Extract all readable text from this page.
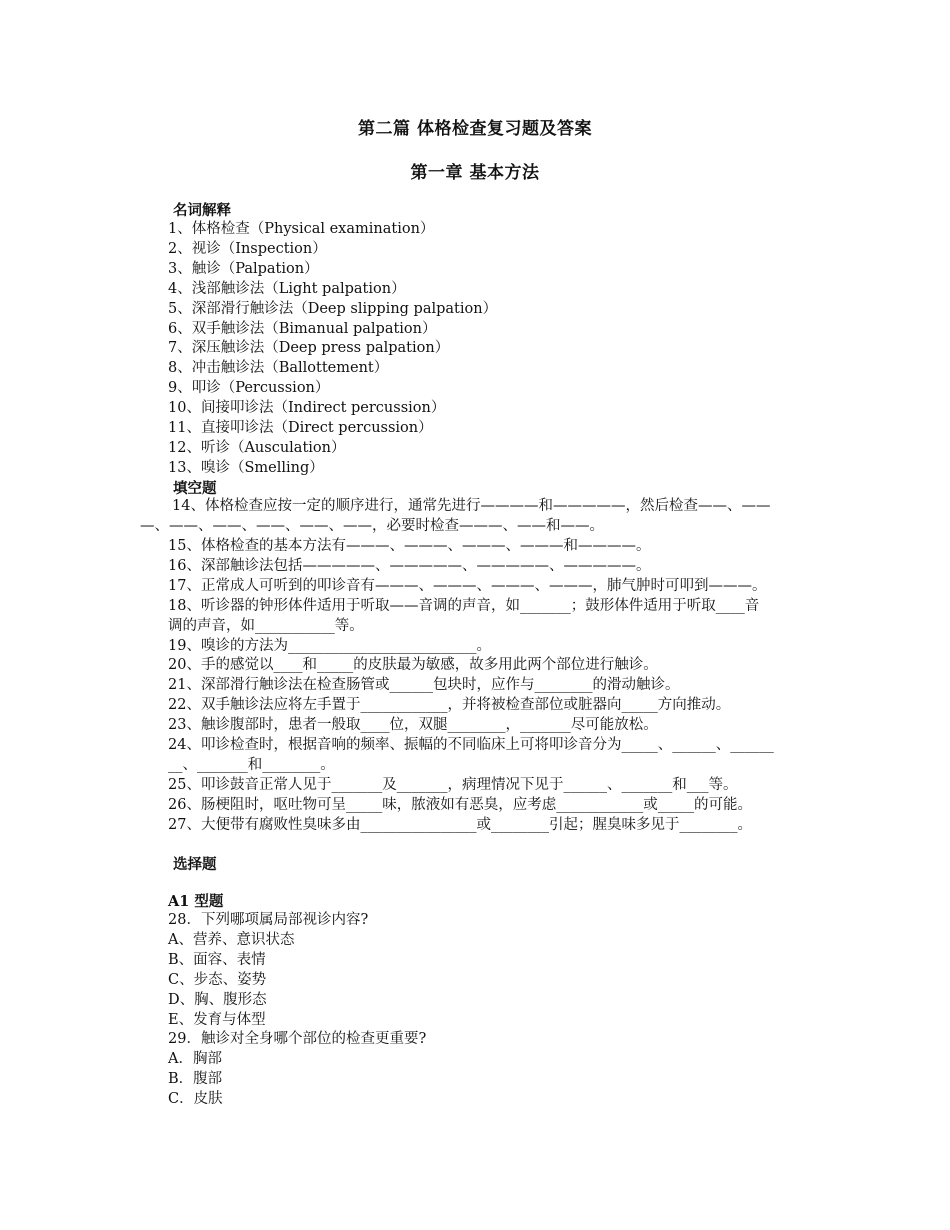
第二篇 体格检查复习题及答案
第一章 基本方法
名词解释
1、体格检查（Physical examination）
2、视诊（Inspection）
3、触诊（Palpation）
4、浅部触诊法（Light palpation）
5、深部滑行触诊法（Deep slipping palpation）
6、双手触诊法（Bimanual palpation）
7、深压触诊法（Deep press palpation）
8、冲击触诊法（Ballottement）
9、叩诊（Percussion）
10、间接叩诊法（Indirect percussion）
11、直接叩诊法（Direct percussion）
12、听诊（Ausculation）
13、嗅诊（Smelling）
填空题
14、体格检查应按一定的顺序进行，通常先进行————和—————，然后检查——、——
—、——、——、——、——、——，必要时检查———、——和——。
15、体格检查的基本方法有———、———、———、———和————。
16、深部触诊法包括—————、—————、—————、—————。
17、正常成人可听到的叩诊音有———、———、———、———，肺气肿时可叩到———。
18、听诊器的钟形体件适用于听取——音调的声音，如_______；鼓形体件适用于听取____音
调的声音，如___________等。
19、嗅诊的方法为__________________________。
20、手的感觉以____和_____的皮肤最为敏感，故多用此两个部位进行触诊。
21、深部滑行触诊法在检查肠管或______包块时，应作与________的滑动触诊。
22、双手触诊法应将左手置于____________，并将被检查部位或脏器向_____方向推动。
23、触诊腹部时，患者一般取____位，双腿________，_______尽可能放松。
24、叩诊检查时，根据音响的频率、振幅的不同临床上可将叩诊音分为_____、______、______
__、_______和________。
25、叩诊鼓音正常人见于_______及_______，病理情况下见于______、_______和___等。
26、肠梗阻时，呕吐物可呈_____味，脓液如有恶臭，应考虑____________或_____的可能。
27、大便带有腐败性臭味多由________________或________引起；腥臭味多见于________。
选择题
A1 型题
28．下列哪项属局部视诊内容?
A、营养、意识状态
B、面容、表情
C、步态、姿势
D、胸、腹形态
E、发育与体型
29．触诊对全身哪个部位的检查更重要?
A．胸部
B．腹部
C．皮肤
